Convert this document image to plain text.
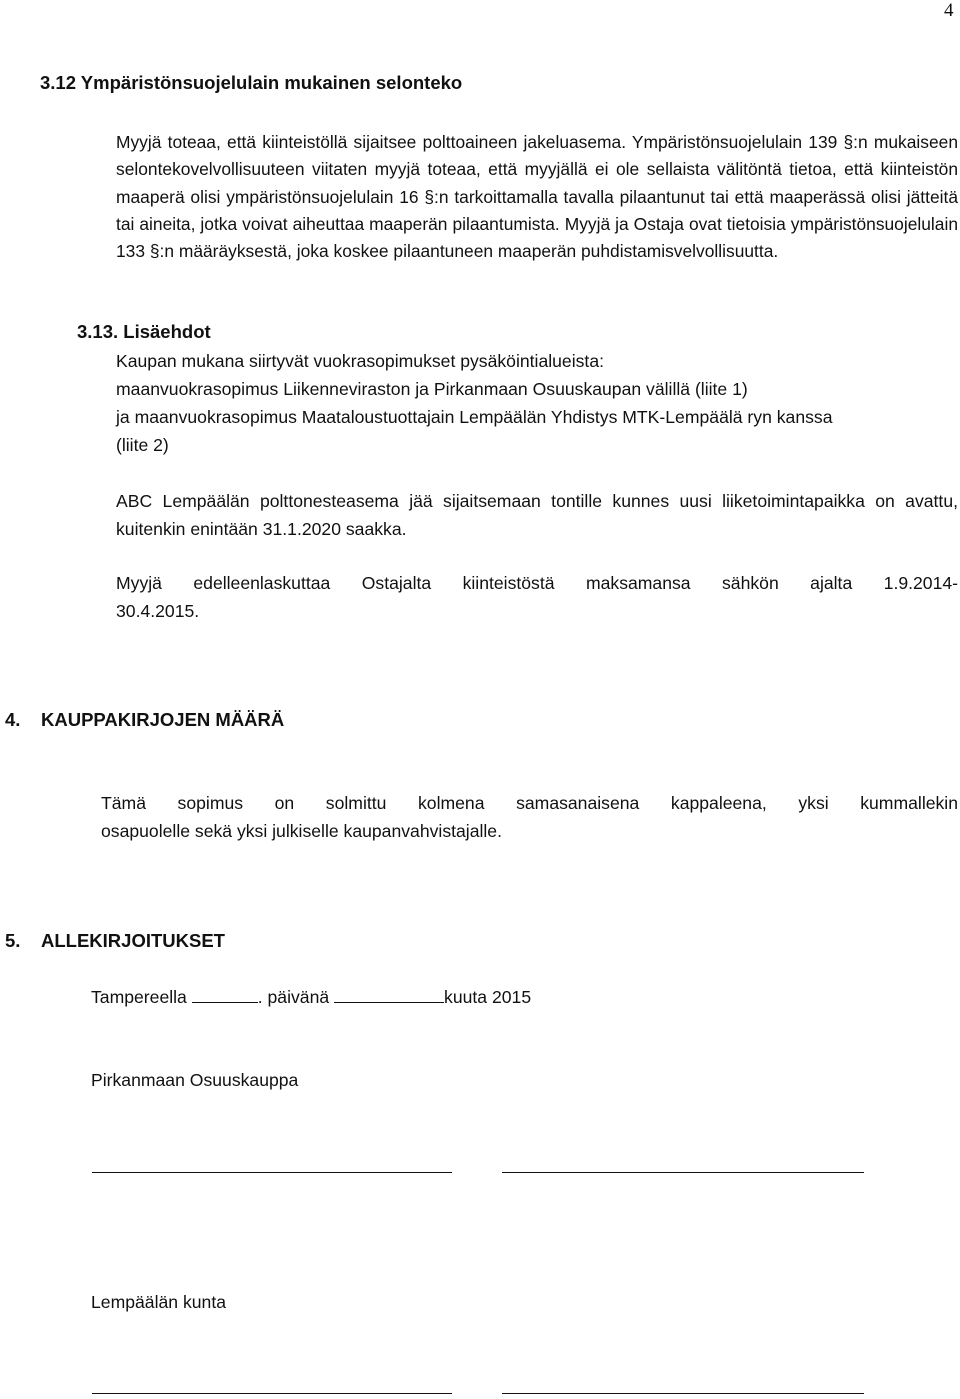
4
3.12 Ympäristönsuojelulain mukainen selonteko
Myyjä toteaa, että kiinteistöllä sijaitsee polttoaineen jakeluasema. Ympäristönsuojelulain 139 §:n mukaiseen selontekovelvollisuuteen viitaten myyjä toteaa, että myyjällä ei ole sellaista välitöntä tietoa, että kiinteistön maaperä olisi ympäristönsuojelulain 16 §:n tarkoittamalla tavalla pilaantunut tai että maaperässä olisi jätteitä tai aineita, jotka voivat aiheuttaa maaperän pilaantumista. Myyjä ja Ostaja ovat tietoisia ympäristönsuojelulain 133 §:n määräyksestä, joka koskee pilaantuneen maaperän puhdistamisvelvollisuutta.
3.13. Lisäehdot
Kaupan mukana siirtyvät vuokrasopimukset pysäköintialueista:
maanvuokrasopimus Liikenneviraston ja Pirkanmaan Osuuskaupan välillä (liite 1)
ja maanvuokrasopimus Maataloustuottajain Lempäälän Yhdistys MTK-Lempäälä ryn kanssa
(liite 2)
ABC Lempäälän polttonesteasema jää sijaitsemaan tontille kunnes uusi liiketoimintapaikka on avattu, kuitenkin enintään 31.1.2020 saakka.
Myyjä edelleenlaskuttaa Ostajalta kiinteistöstä maksamansa sähkön ajalta 1.9.2014-
30.4.2015.
4. KAUPPAKIRJOJEN MÄÄRÄ
Tämä sopimus on solmittu kolmena samasanaisena kappaleena, yksi kummallekin
osapuolelle sekä yksi julkiselle kaupanvahvistajalle.
5. ALLEKIRJOITUKSET
Tampereella	. päivänä	kuuta 2015
Pirkanmaan Osuuskauppa
Lempäälän kunta
